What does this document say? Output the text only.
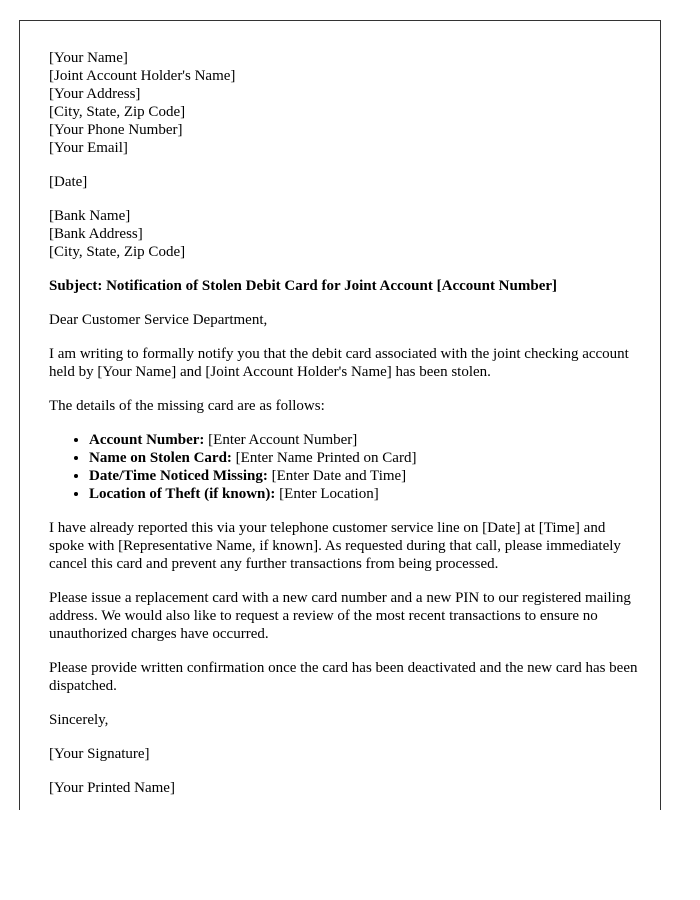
[Your Name]
[Joint Account Holder's Name]
[Your Address]
[City, State, Zip Code]
[Your Phone Number]
[Your Email]

[Date]

[Bank Name]
[Bank Address]
[City, State, Zip Code]

Subject: Notification of Stolen Debit Card for Joint Account [Account Number]

Dear Customer Service Department,

I am writing to formally notify you that the debit card associated with the joint checking account held by [Your Name] and [Joint Account Holder's Name] has been stolen.

The details of the missing card are as follows:

• Account Number: [Enter Account Number]
• Name on Stolen Card: [Enter Name Printed on Card]
• Date/Time Noticed Missing: [Enter Date and Time]
• Location of Theft (if known): [Enter Location]

I have already reported this via your telephone customer service line on [Date] at [Time] and spoke with [Representative Name, if known]. As requested during that call, please immediately cancel this card and prevent any further transactions from being processed.

Please issue a replacement card with a new card number and a new PIN to our registered mailing address. We would also like to request a review of the most recent transactions to ensure no unauthorized charges have occurred.

Please provide written confirmation once the card has been deactivated and the new card has been dispatched.

Sincerely,

[Your Signature]

[Your Printed Name]
